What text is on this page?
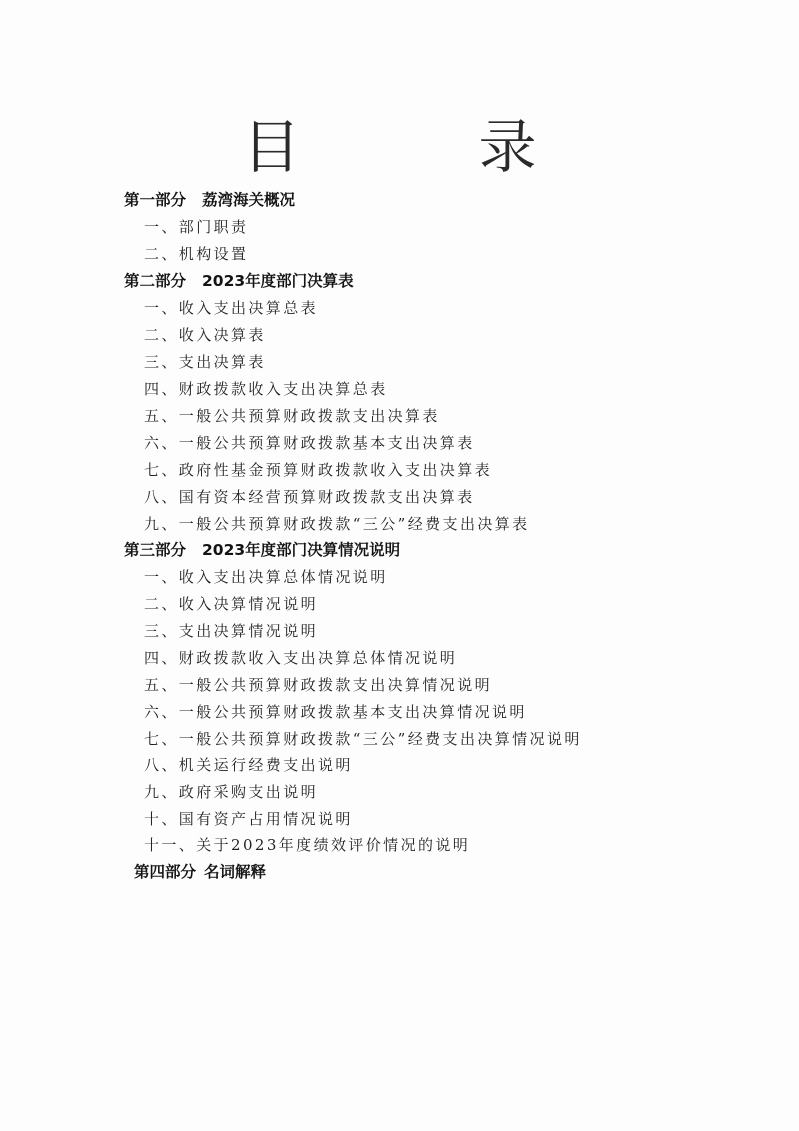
目　录
第一部分 荔湾海关概况
一、部门职责
二、机构设置
第二部分 2023年度部门决算表
一、收入支出决算总表
二、收入决算表
三、支出决算表
四、财政拨款收入支出决算总表
五、一般公共预算财政拨款支出决算表
六、一般公共预算财政拨款基本支出决算表
七、政府性基金预算财政拨款收入支出决算表
八、国有资本经营预算财政拨款支出决算表
九、一般公共预算财政拨款“三公”经费支出决算表
第三部分 2023年度部门决算情况说明
一、收入支出决算总体情况说明
二、收入决算情况说明
三、支出决算情况说明
四、财政拨款收入支出决算总体情况说明
五、一般公共预算财政拨款支出决算情况说明
六、一般公共预算财政拨款基本支出决算情况说明
七、一般公共预算财政拨款“三公”经费支出决算情况说明
八、机关运行经费支出说明
九、政府采购支出说明
十、国有资产占用情况说明
十一、关于2023年度绩效评价情况的说明
第四部分 名词解释
